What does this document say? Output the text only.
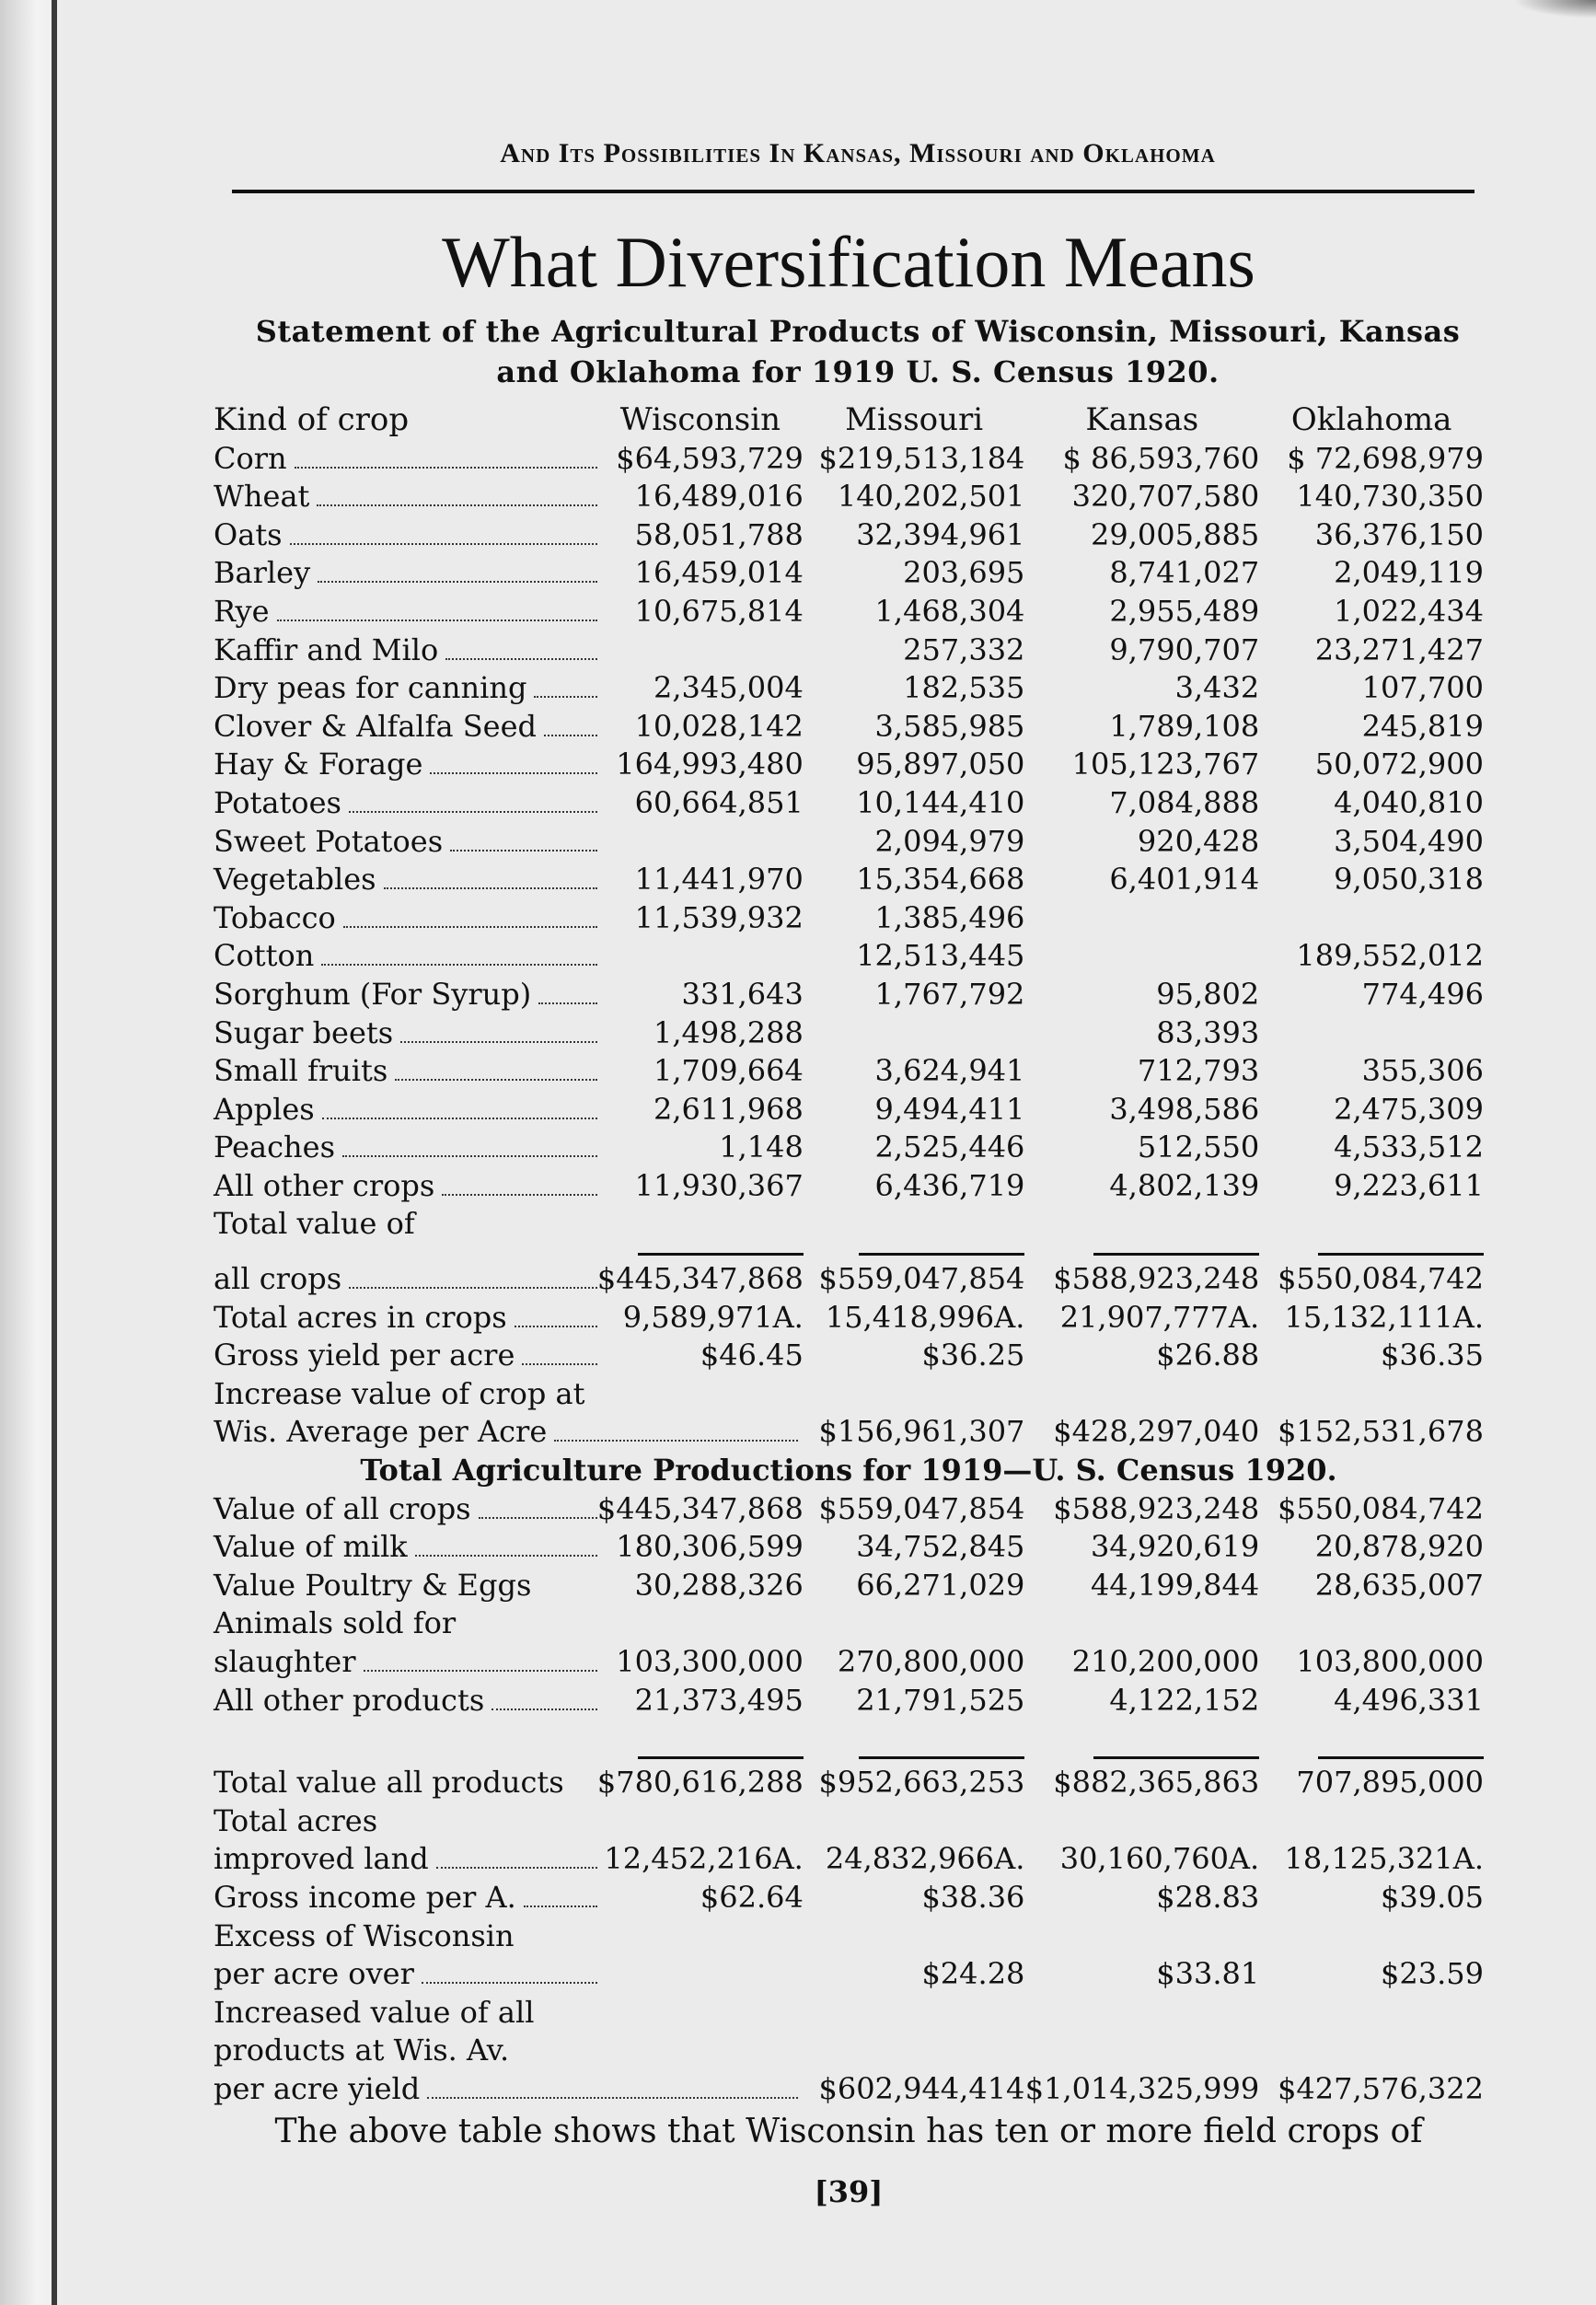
And Its Possibilities In Kansas, Missouri and Oklahoma
What Diversification Means
Statement of the Agricultural Products of Wisconsin, Missouri, Kansas and Oklahoma for 1919 U. S. Census 1920.
Kind of crop	Wisconsin	Missouri	Kansas	Oklahoma

Corn	$64,593,729	$219,513,184	$ 86,593,760	$ 72,698,979

Wheat	16,489,016	140,202,501	320,707,580	140,730,350

Oats	58,051,788	32,394,961	29,005,885	36,376,150

Barley	16,459,014	203,695	8,741,027	2,049,119

Rye	10,675,814	1,468,304	2,955,489	1,022,434

Kaffir and Milo		257,332	9,790,707	23,271,427

Dry peas for canning	2,345,004	182,535	3,432	107,700

Clover & Alfalfa Seed	10,028,142	3,585,985	1,789,108	245,819

Hay & Forage	164,993,480	95,897,050	105,123,767	50,072,900

Potatoes	60,664,851	10,144,410	7,084,888	4,040,810

Sweet Potatoes		2,094,979	920,428	3,504,490

Vegetables	11,441,970	15,354,668	6,401,914	9,050,318

Tobacco	11,539,932	1,385,496		

Cotton		12,513,445		189,552,012

Sorghum (For Syrup)	331,643	1,767,792	95,802	774,496

Sugar beets	1,498,288		83,393	

Small fruits	1,709,664	3,624,941	712,793	355,306

Apples	2,611,968	9,494,411	3,498,586	2,475,309

Peaches	1,148	2,525,446	512,550	4,533,512

All other crops	11,930,367	6,436,719	4,802,139	9,223,611

Total value of				

all crops	$445,347,868	$559,047,854	$588,923,248	$550,084,742

Total acres in crops	9,589,971A.	15,418,996A.	21,907,777A.	15,132,111A.

Gross yield per acre	$46.45	$36.25	$26.88	$36.35

Increase value of crop at				

Wis. Average per Acre		$156,961,307	$428,297,040	$152,531,678
Total Agriculture Productions for 1919—U. S. Census 1920.				

Value of all crops	$445,347,868	$559,047,854	$588,923,248	$550,084,742

Value of milk	180,306,599	34,752,845	34,920,619	20,878,920

Value Poultry & Eggs	30,288,326	66,271,029	44,199,844	28,635,007

Animals sold for				

slaughter	103,300,000	270,800,000	210,200,000	103,800,000

All other products	21,373,495	21,791,525	4,122,152	4,496,331

Total value all products	$780,616,288	$952,663,253	$882,365,863	707,895,000

Total acres				

improved land	12,452,216A.	24,832,966A.	30,160,760A.	18,125,321A.

Gross income per A.	$62.64	$38.36	$28.83	$39.05

Excess of Wisconsin				

per acre over		$24.28	$33.81	$23.59

Increased value of all				

products at Wis. Av.				

per acre yield		$602,944,414	$1,014,325,999	$427,576,322
The above table shows that Wisconsin has ten or more field crops of
[39]
